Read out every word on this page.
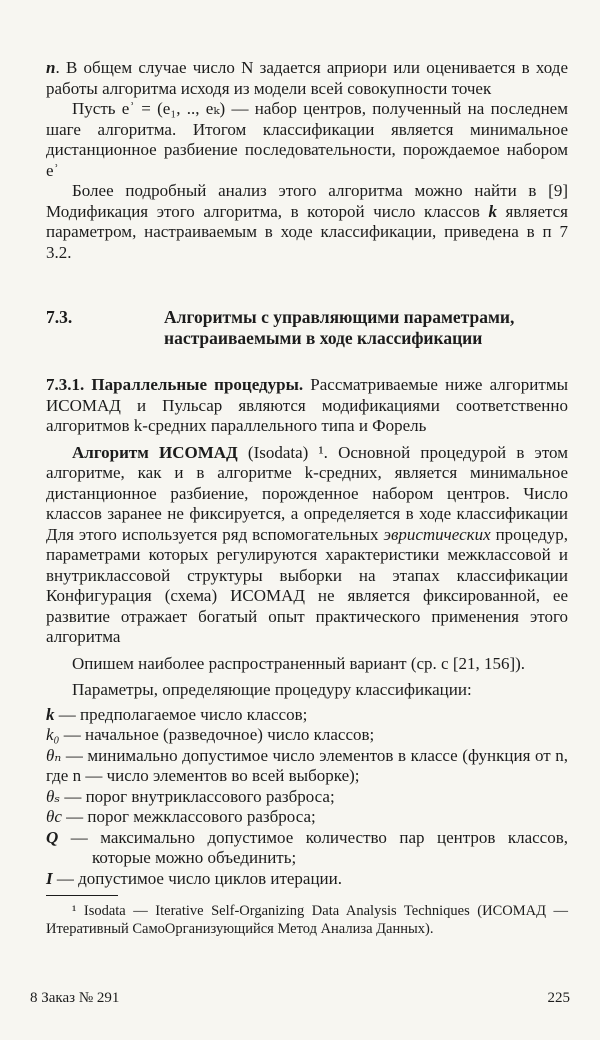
n. В общем случае число N задается априори или оценивается в ходе работы алгоритма исходя из модели всей совокупности точек

Пусть eʾ = (e₁, .., eₖ) — набор центров, полученный на последнем шаге алгоритма. Итогом классификации является минимальное дистанционное разбиение последовательности, порождаемое набором eʾ

Более подробный анализ этого алгоритма можно найти в [9] Модификация этого алгоритма, в которой число классов k является параметром, настраиваемым в ходе классификации, приведена в п 7 3.2.

7.3.	Алгоритмы с управляющими параметрами, настраиваемыми в ходе классификации

7.3.1. Параллельные процедуры. Рассматриваемые ниже алгоритмы ИСОМАД и Пульсар являются модификациями соответственно алгоритмов k-средних параллельного типа и Форель

Алгоритм ИСОМАД (Isodata) ¹. Основной процедурой в этом алгоритме, как и в алгоритме k-средних, является минимальное дистанционное разбиение, порожденное набором центров. Число классов заранее не фиксируется, а определяется в ходе классификации Для этого используется ряд вспомогательных эвристических процедур, параметрами которых регулируются характеристики межклассовой и внутриклассовой структуры выборки на этапах классификации Конфигурация (схема) ИСОМАД не является фиксированной, ее развитие отражает богатый опыт практического применения этого алгоритма

Опишем наиболее распространенный вариант (ср. с [21, 156]).

Параметры, определяющие процедуру классификации:

k — предполагаемое число классов;

k₀ — начальное (разведочное) число классов;

θₙ — минимально допустимое число элементов в классе (функция от n, где n — число элементов во всей выборке);

θₛ — порог внутриклассового разброса;

θc — порог межклассового разброса;

Q — максимально допустимое количество пар центров классов, которые можно объединить;

I — допустимое число циклов итерации.

¹ Isodata — Iterative Self-Organizing Data Analysis Techniques (ИСОМАД — Итеративный СамоОрганизующийся Метод Анализа Данных).

8 Заказ № 291	225
